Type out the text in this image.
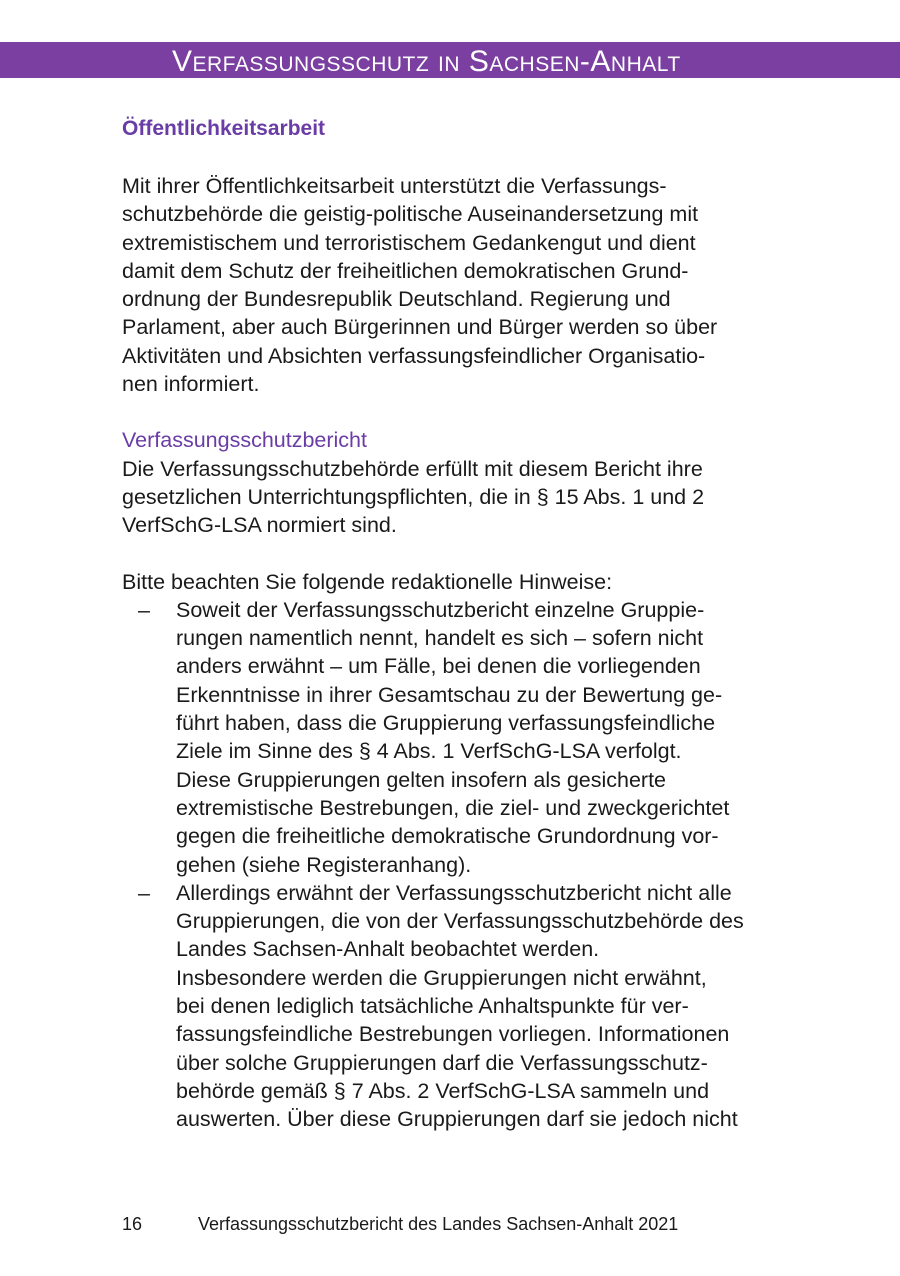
Verfassungsschutz in Sachsen-Anhalt
Öffentlichkeitsarbeit
Mit ihrer Öffentlichkeitsarbeit unterstützt die Verfassungs-
schutzbehörde die geistig-politische Auseinandersetzung mit
extremistischem und terroristischem Gedankengut und dient
damit dem Schutz der freiheitlichen demokratischen Grund-
ordnung der Bundesrepublik Deutschland. Regierung und
Parlament, aber auch Bürgerinnen und Bürger werden so über
Aktivitäten und Absichten verfassungsfeindlicher Organisatio-
nen informiert.
Verfassungsschutzbericht
Die Verfassungsschutzbehörde erfüllt mit diesem Bericht ihre
gesetzlichen Unterrichtungspflichten, die in § 15 Abs. 1 und 2
VerfSchG-LSA normiert sind.
Bitte beachten Sie folgende redaktionelle Hinweise:
– Soweit der Verfassungsschutzbericht einzelne Gruppie-
rungen namentlich nennt, handelt es sich – sofern nicht
anders erwähnt – um Fälle, bei denen die vorliegenden
Erkenntnisse in ihrer Gesamtschau zu der Bewertung ge-
führt haben, dass die Gruppierung verfassungsfeindliche
Ziele im Sinne des § 4 Abs. 1 VerfSchG-LSA verfolgt.
Diese Gruppierungen gelten insofern als gesicherte
extremistische Bestrebungen, die ziel- und zweckgerichtet
gegen die freiheitliche demokratische Grundordnung vor-
gehen (siehe Registeranhang).
– Allerdings erwähnt der Verfassungsschutzbericht nicht alle
Gruppierungen, die von der Verfassungsschutzbehörde des
Landes Sachsen-Anhalt beobachtet werden.
Insbesondere werden die Gruppierungen nicht erwähnt,
bei denen lediglich tatsächliche Anhaltspunkte für ver-
fassungsfeindliche Bestrebungen vorliegen. Informationen
über solche Gruppierungen darf die Verfassungsschutz-
behörde gemäß § 7 Abs. 2 VerfSchG-LSA sammeln und
auswerten. Über diese Gruppierungen darf sie jedoch nicht
16	Verfassungsschutzbericht des Landes Sachsen-Anhalt 2021
